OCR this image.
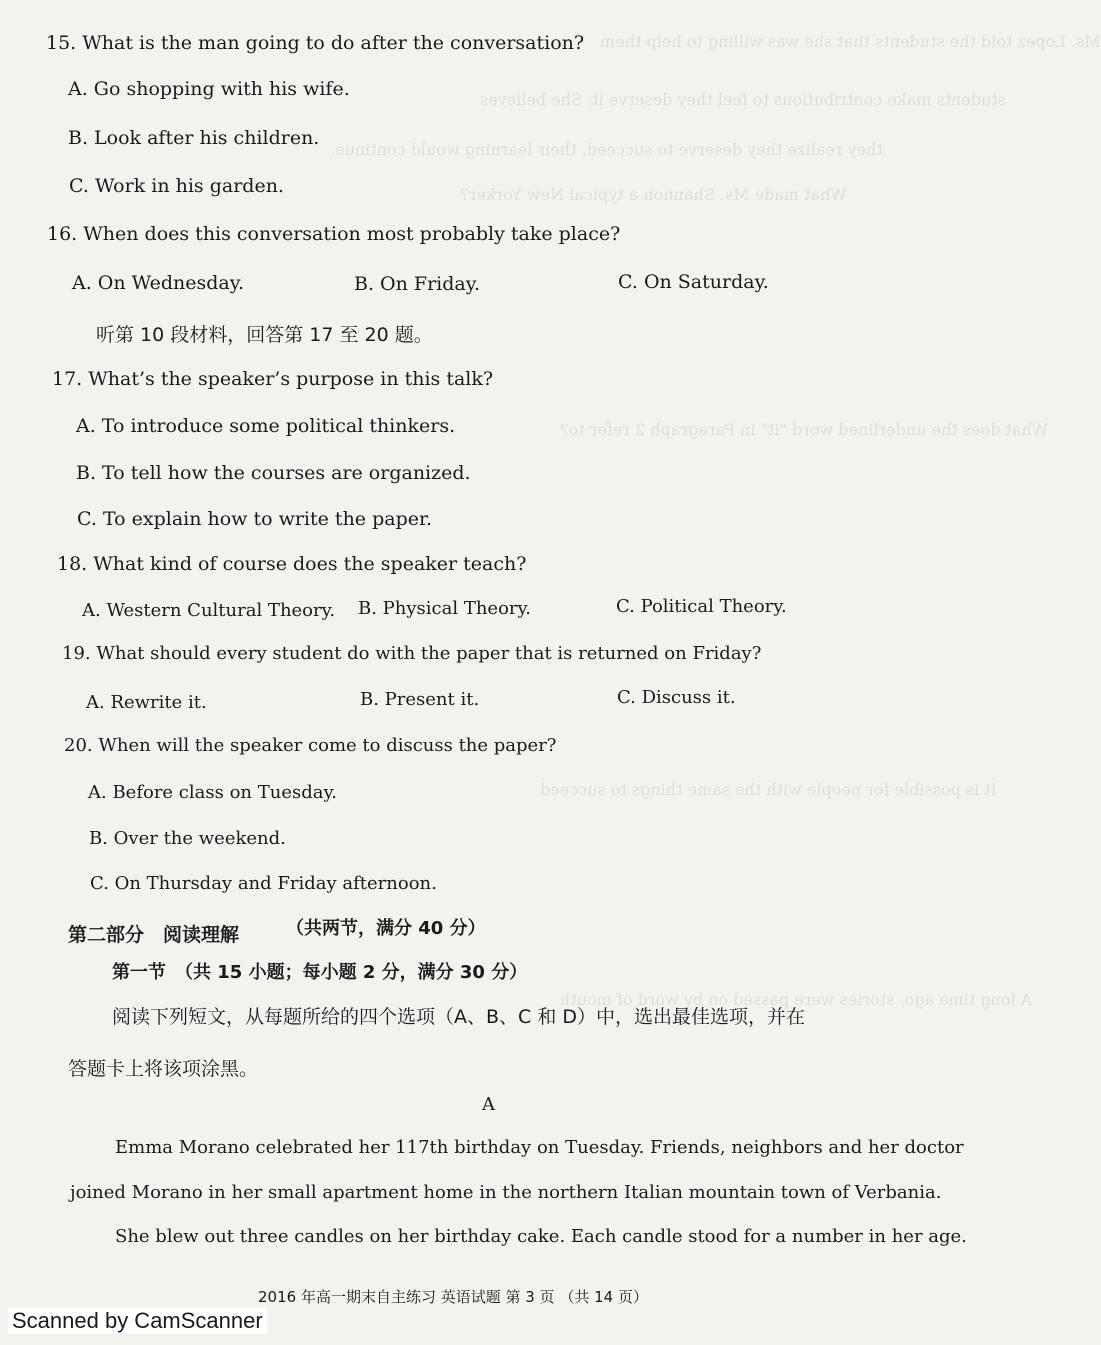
Ms. Lopez told the students that she was willing to help them
students make contributions to feel they deserve it. She believes
they realize they deserve to succeed, their learning would continue.
What made Ms. Shannon a typical New Yorker?
What does the underlined word "it" in Paragraph 2 refer to?
It is possible for people with the same things to succeed
A long time ago, stories were passed on by word of mouth
15. What is the man going to do after the conversation?
A. Go shopping with his wife.
B. Look after his children.
C. Work in his garden.
16. When does this conversation most probably take place?
A. On Wednesday.	B. On Friday.	C. On Saturday.
听第 10 段材料，回答第 17 至 20 题。
17. What’s the speaker’s purpose in this talk?
A. To introduce some political thinkers.
B. To tell how the courses are organized.
C. To explain how to write the paper.
18. What kind of course does the speaker teach?
A. Western Cultural Theory. B. Physical Theory.	C. Political Theory.
19. What should every student do with the paper that is returned on Friday?
A. Rewrite it.	B. Present it.	C. Discuss it.
20. When will the speaker come to discuss the paper?
A. Before class on Tuesday.
B. Over the weekend.
C. On Thursday and Friday afternoon.
第二部分　阅读理解	（共两节，满分 40 分）
第一节　（共 15 小题；每小题 2 分，满分 30 分）
阅读下列短文，从每题所给的四个选项（A、B、C 和 D）中，选出最佳选项，并在
答题卡上将该项涂黑。
A
Emma Morano celebrated her 117th birthday on Tuesday. Friends, neighbors and her doctor
joined Morano in her small apartment home in the northern Italian mountain town of Verbania.
She blew out three candles on her birthday cake. Each candle stood for a number in her age.
2016 年高一期末自主练习 英语试题 第 3 页 （共 14 页）
Scanned by CamScanner
